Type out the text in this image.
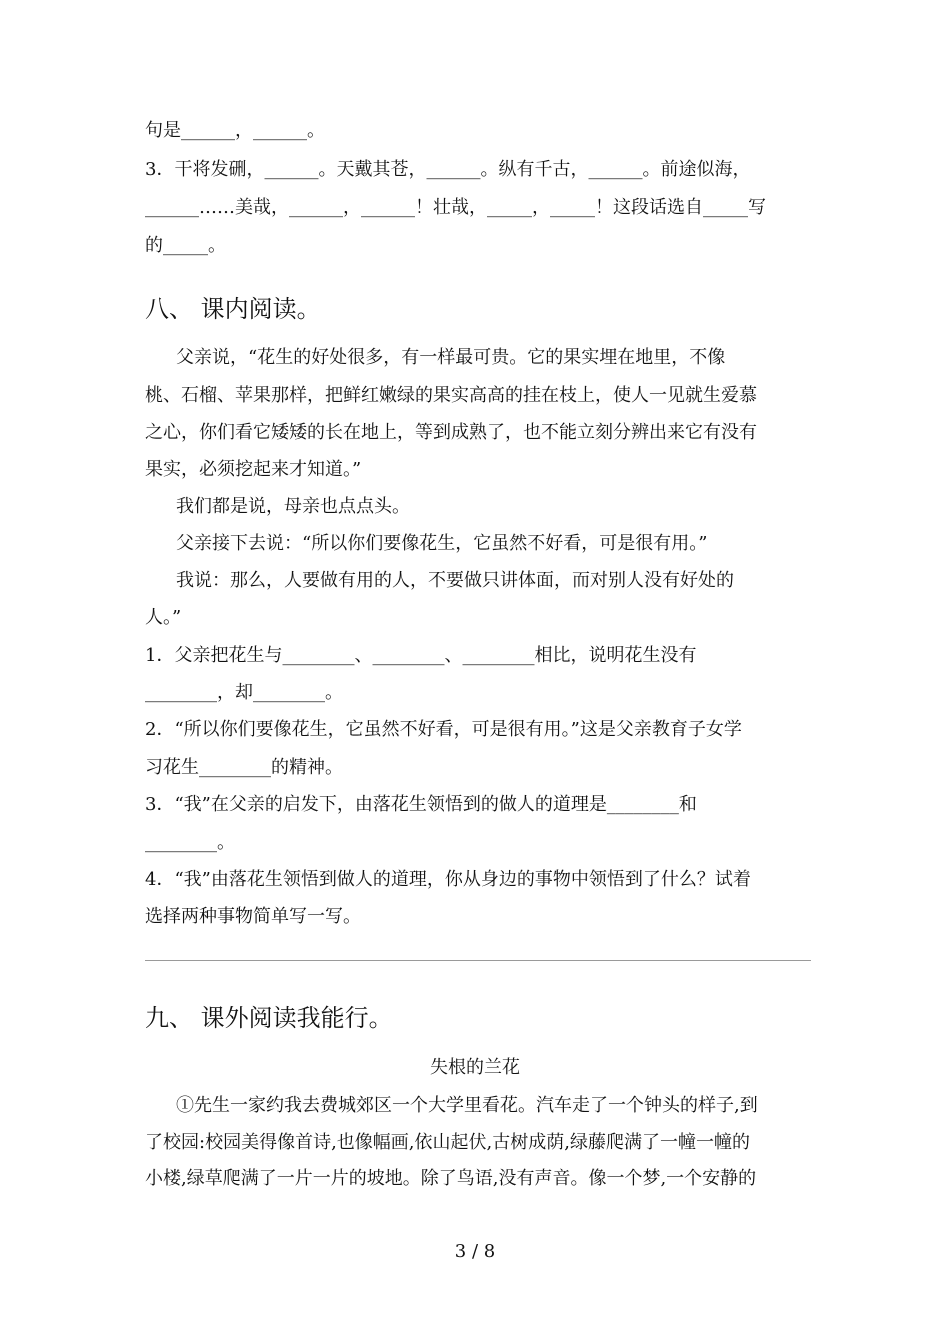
句是______，______。
3．干将发硎，______。天戴其苍，______。纵有千古，______。前途似海，
______……美哉，______，______！壮哉，_____，_____！这段话选自_____写
的_____。
八、 课内阅读。
父亲说，“花生的好处很多，有一样最可贵。它的果实埋在地里，不像
桃、石榴、苹果那样，把鲜红嫩绿的果实高高的挂在枝上，使人一见就生爱慕
之心，你们看它矮矮的长在地上，等到成熟了，也不能立刻分辨出来它有没有
果实，必须挖起来才知道。”
我们都是说，母亲也点点头。
父亲接下去说：“所以你们要像花生，它虽然不好看，可是很有用。”
我说：那么，人要做有用的人，不要做只讲体面，而对别人没有好处的
人。”
1．父亲把花生与________、________、________相比，说明花生没有
________，却________。
2．“所以你们要像花生，它虽然不好看，可是很有用。”这是父亲教育子女学
习花生________的精神。
3．“我”在父亲的启发下，由落花生领悟到的做人的道理是________和
________。
4．“我”由落花生领悟到做人的道理，你从身边的事物中领悟到了什么？试着
选择两种事物简单写一写。
九、 课外阅读我能行。
失根的兰花
①先生一家约我去费城郊区一个大学里看花。汽车走了一个钟头的样子,到
了校园:校园美得像首诗,也像幅画,依山起伏,古树成荫,绿藤爬满了一幢一幢的
小楼,绿草爬满了一片一片的坡地。除了鸟语,没有声音。像一个梦,一个安静的
3 / 8
